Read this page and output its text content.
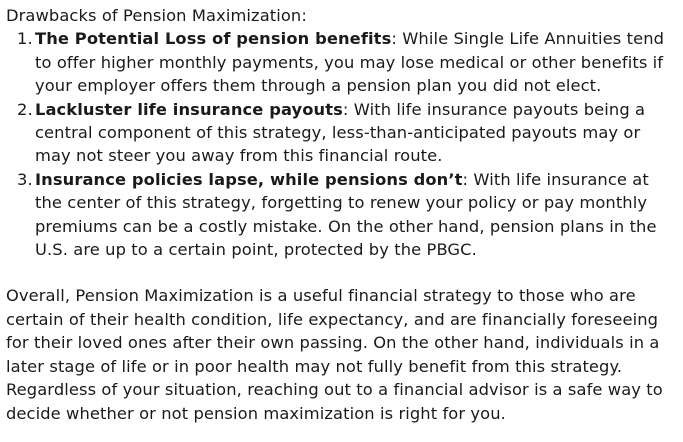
Drawbacks of Pension Maximization:

1. The Potential Loss of pension benefits: While Single Life Annuities tend to offer higher monthly payments, you may lose medical or other benefits if your employer offers them through a pension plan you did not elect.
2. Lackluster life insurance payouts: With life insurance payouts being a central component of this strategy, less-than-anticipated payouts may or may not steer you away from this financial route.
3. Insurance policies lapse, while pensions don’t: With life insurance at the center of this strategy, forgetting to renew your policy or pay monthly premiums can be a costly mistake. On the other hand, pension plans in the U.S. are up to a certain point, protected by the PBGC.

Overall, Pension Maximization is a useful financial strategy to those who are certain of their health condition, life expectancy, and are financially foreseeing for their loved ones after their own passing. On the other hand, individuals in a later stage of life or in poor health may not fully benefit from this strategy. Regardless of your situation, reaching out to a financial advisor is a safe way to decide whether or not pension maximization is right for you.
